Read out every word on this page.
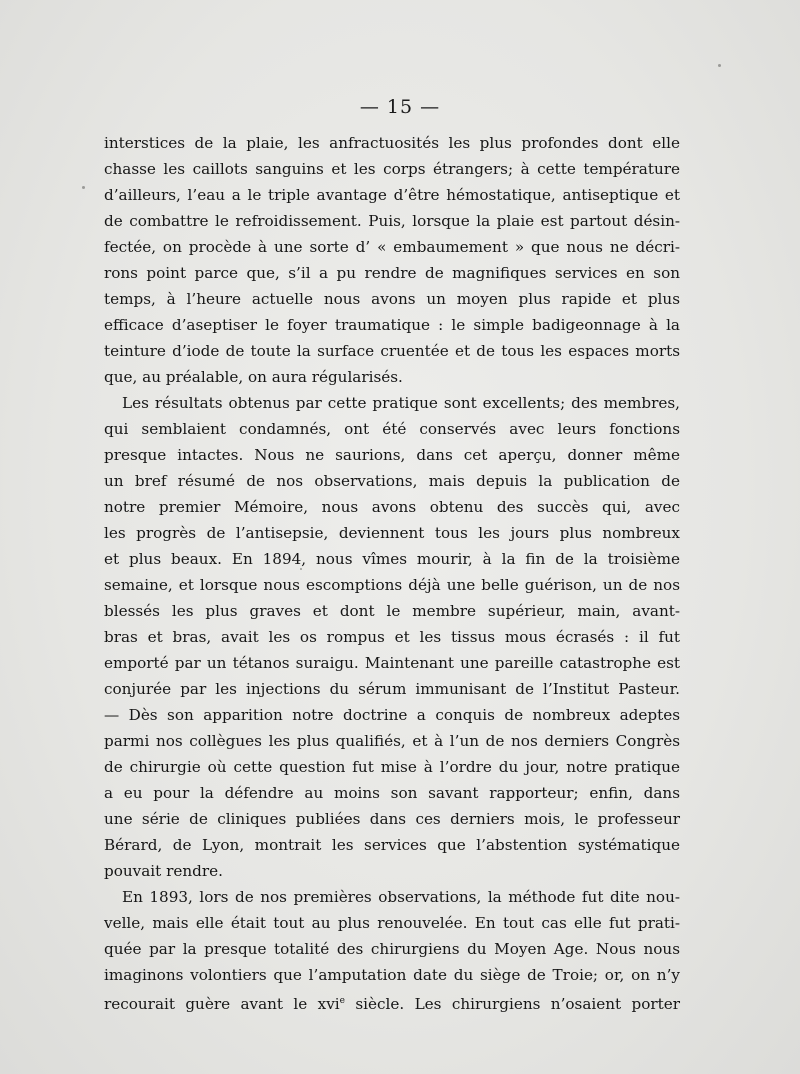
— 15 —
interstices de la plaie, les anfractuosités les plus profondes dont elle
chasse les caillots sanguins et les corps étrangers; à cette température
d’ailleurs, l’eau a le triple avantage d’être hémostatique, antiseptique et
de combattre le refroidissement. Puis, lorsque la plaie est partout désin-
fectée, on procède à une sorte d’ « embaumement » que nous ne décri-
rons point parce que, s’il a pu rendre de magnifiques services en son
temps, à l’heure actuelle nous avons un moyen plus rapide et plus
efficace d’aseptiser le foyer traumatique : le simple badigeonnage à la
teinture d’iode de toute la surface cruentée et de tous les espaces morts
que, au préalable, on aura régularisés.
Les résultats obtenus par cette pratique sont excellents; des membres,
qui semblaient condamnés, ont été conservés avec leurs fonctions
presque intactes. Nous ne saurions, dans cet aperçu, donner même
un bref résumé de nos observations, mais depuis la publication de
notre premier Mémoire, nous avons obtenu des succès qui, avec
les progrès de l’antisepsie, deviennent tous les jours plus nombreux
et plus beaux. En 1894, nous vîmes mourir, à la fin de la troisième
semaine, et lorsque nous escomptions déjà une belle guérison, un de nos
blessés les plus graves et dont le membre supérieur, main, avant-
bras et bras, avait les os rompus et les tissus mous écrasés : il fut
emporté par un tétanos suraigu. Maintenant une pareille catastrophe est
conjurée par les injections du sérum immunisant de l’Institut Pasteur.
— Dès son apparition notre doctrine a conquis de nombreux adeptes
parmi nos collègues les plus qualifiés, et à l’un de nos derniers Congrès
de chirurgie où cette question fut mise à l’ordre du jour, notre pratique
a eu pour la défendre au moins son savant rapporteur; enfin, dans
une série de cliniques publiées dans ces derniers mois, le professeur
Bérard, de Lyon, montrait les services que l’abstention systématique
pouvait rendre.
En 1893, lors de nos premières observations, la méthode fut dite nou-
velle, mais elle était tout au plus renouvelée. En tout cas elle fut prati-
quée par la presque totalité des chirurgiens du Moyen Age. Nous nous
imaginons volontiers que l’amputation date du siège de Troie; or, on n’y
recourait guère avant le xvi$^e$ siècle. Les chirurgiens n’osaient porter
